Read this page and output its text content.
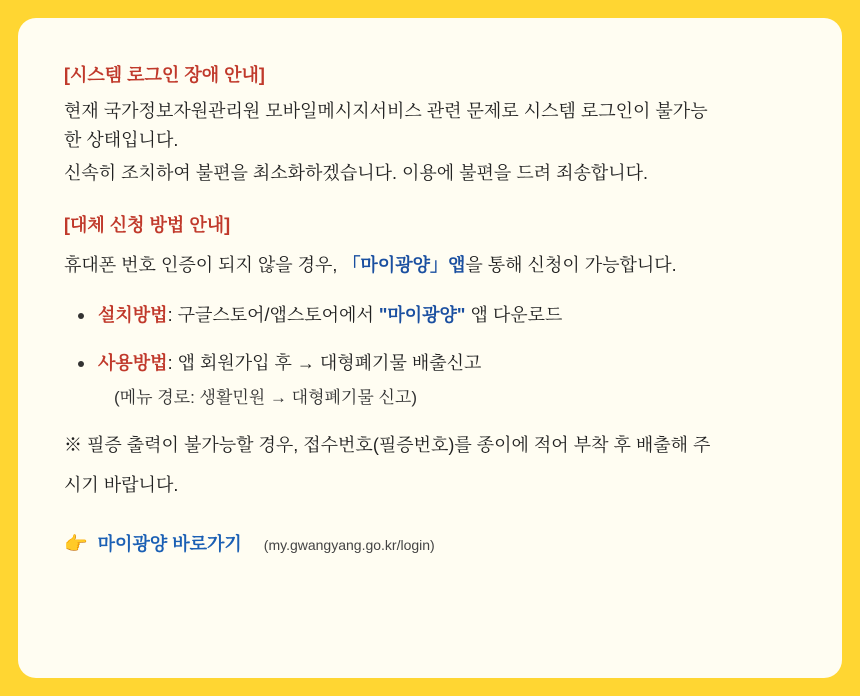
[시스템 로그인 장애 안내]

현재 국가정보자원관리원 모바일메시지서비스 관련 문제로 시스템 로그인이 불가능

한 상태입니다.

신속히 조치하여 불편을 최소화하겠습니다. 이용에 불편을 드려 죄송합니다.

[대체 신청 방법 안내]

휴대폰 번호 인증이 되지 않을 경우, 「마이광양」앱을 통해 신청이 가능합니다.

설치방법: 구글스토어/앱스토어에서 "마이광양" 앱 다운로드
사용방법: 앱 회원가입 후 → 대형폐기물 배출신고
(메뉴 경로: 생활민원 → 대형폐기물 신고)

※ 필증 출력이 불가능할 경우, 접수번호(필증번호)를 종이에 적어 부착 후 배출해 주

시기 바랍니다.

👉 마이광양 바로가기 (my.gwangyang.go.kr/login)
